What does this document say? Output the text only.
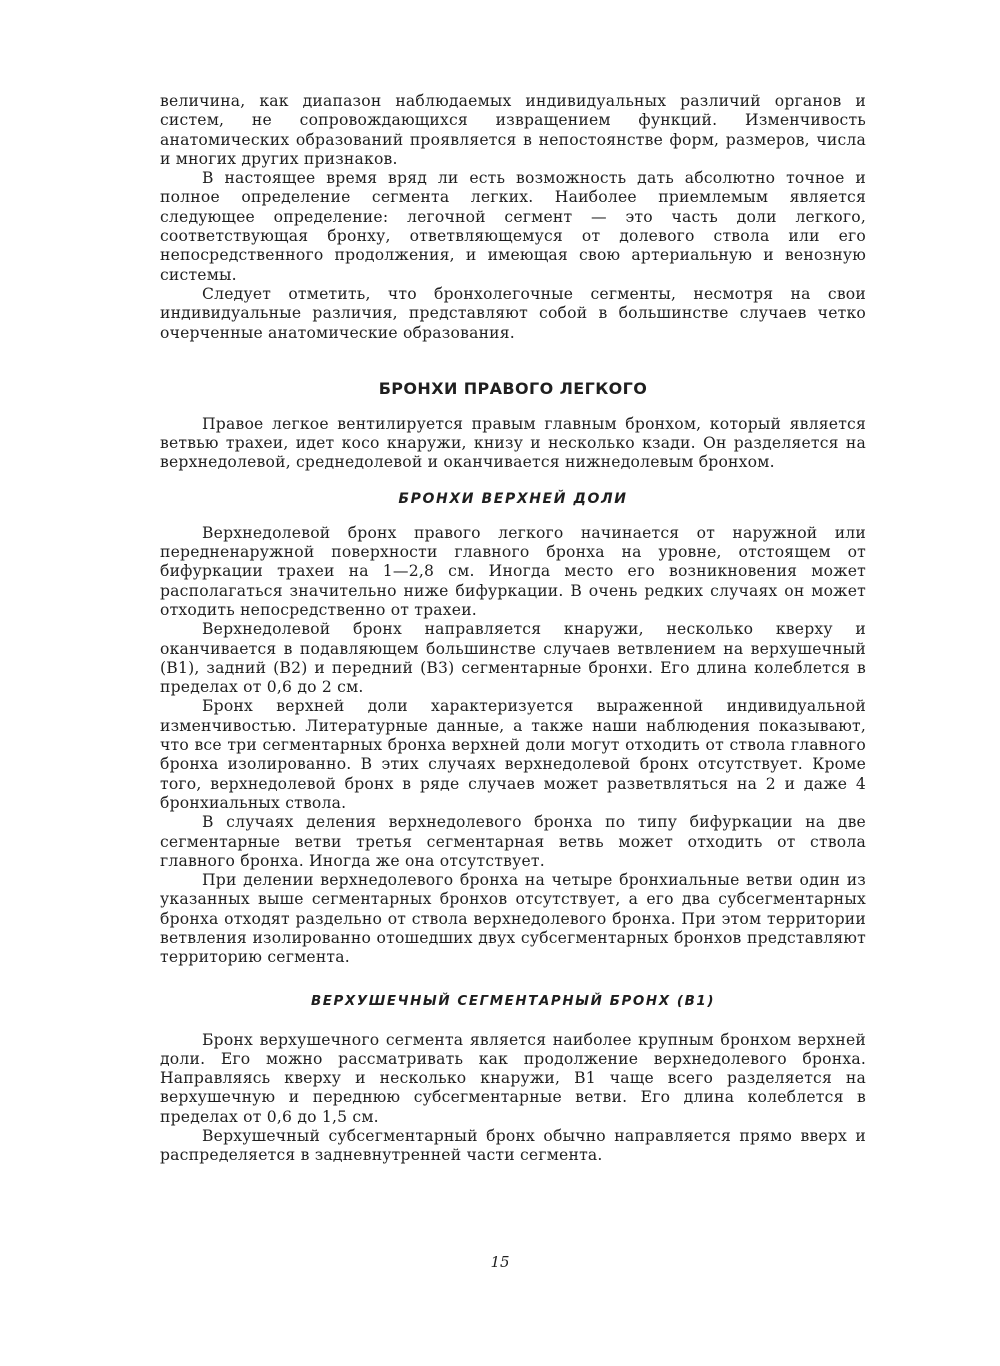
величина, как диапазон наблюдаемых индивидуальных различий органов и систем, не сопровождающихся извращением функций. Изменчивость анатомических образований проявляется в непостоянстве форм, размеров, числа и многих других признаков.

В настоящее время вряд ли есть возможность дать абсолютно точное и полное определение сегмента легких. Наиболее приемлемым является следующее определение: легочной сегмент — это часть доли легкого, соответствующая бронху, ответвляющемуся от долевого ствола или его непосредственного продолжения, и имеющая свою артериальную и венозную системы.

Следует отметить, что бронхолегочные сегменты, несмотря на свои индивидуальные различия, представляют собой в большинстве случаев четко очерченные анатомические образования.

БРОНХИ ПРАВОГО ЛЕГКОГО

Правое легкое вентилируется правым главным бронхом, который является ветвью трахеи, идет косо кнаружи, книзу и несколько кзади. Он разделяется на верхнедолевой, среднедолевой и оканчивается нижнедолевым бронхом.

БРОНХИ ВЕРХНЕЙ ДОЛИ

Верхнедолевой бронх правого легкого начинается от наружной или передненаружной поверхности главного бронха на уровне, отстоящем от бифуркации трахеи на 1—2,8 см. Иногда место его возникновения может располагаться значительно ниже бифуркации. В очень редких случаях он может отходить непосредственно от трахеи.

Верхнедолевой бронх направляется кнаружи, несколько кверху и оканчивается в подавляющем большинстве случаев ветвлением на верхушечный (B1), задний (B2) и передний (B3) сегментарные бронхи. Его длина колеблется в пределах от 0,6 до 2 см.

Бронх верхней доли характеризуется выраженной индивидуальной изменчивостью. Литературные данные, а также наши наблюдения показывают, что все три сегментарных бронха верхней доли могут отходить от ствола главного бронха изолированно. В этих случаях верхнедолевой бронх отсутствует. Кроме того, верхнедолевой бронх в ряде случаев может разветвляться на 2 и даже 4 бронхиальных ствола.

В случаях деления верхнедолевого бронха по типу бифуркации на две сегментарные ветви третья сегментарная ветвь может отходить от ствола главного бронха. Иногда же она отсутствует.

При делении верхнедолевого бронха на четыре бронхиальные ветви один из указанных выше сегментарных бронхов отсутствует, а его два субсегментарных бронха отходят раздельно от ствола верхнедолевого бронха. При этом территории ветвления изолированно отошедших двух субсегментарных бронхов представляют территорию сегмента.

ВЕРХУШЕЧНЫЙ СЕГМЕНТАРНЫЙ БРОНХ (B1)

Бронх верхушечного сегмента является наиболее крупным бронхом верхней доли. Его можно рассматривать как продолжение верхнедолевого бронха. Направляясь кверху и несколько кнаружи, B1 чаще всего разделяется на верхушечную и переднюю субсегментарные ветви. Его длина колеблется в пределах от 0,6 до 1,5 см.

Верхушечный субсегментарный бронх обычно направляется прямо вверх и распределяется в задневнутренней части сегмента.

15
